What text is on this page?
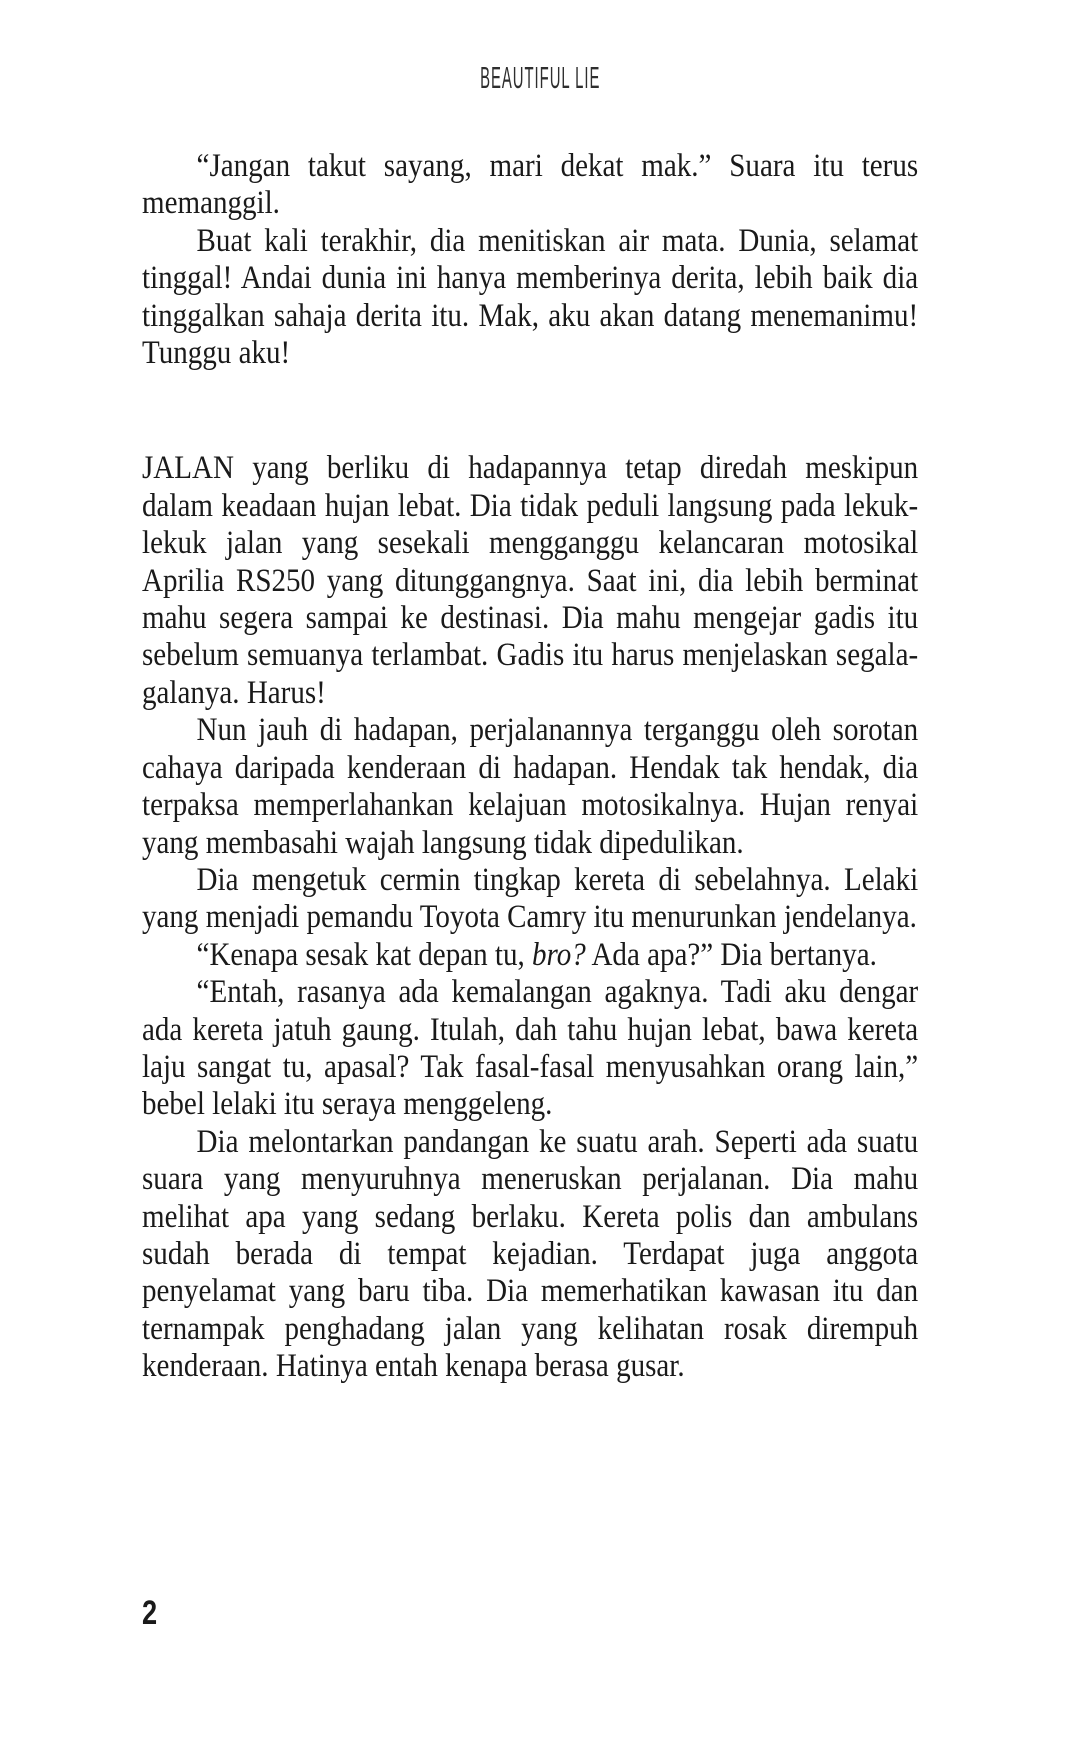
BEAUTIFUL LIE

“Jangan takut sayang, mari dekat mak.” Suara itu terus memanggil.

Buat kali terakhir, dia menitiskan air mata. Dunia, selamat tinggal! Andai dunia ini hanya memberinya derita, lebih baik dia tinggalkan sahaja derita itu. Mak, aku akan datang menemanimu! Tunggu aku!

JALAN yang berliku di hadapannya tetap diredah meskipun dalam keadaan hujan lebat. Dia tidak peduli langsung pada lekuk-lekuk jalan yang sesekali mengganggu kelancaran motosikal Aprilia RS250 yang ditunggangnya. Saat ini, dia lebih berminat mahu segera sampai ke destinasi. Dia mahu mengejar gadis itu sebelum semuanya terlambat. Gadis itu harus menjelaskan segala-galanya. Harus!

Nun jauh di hadapan, perjalanannya terganggu oleh sorotan cahaya daripada kenderaan di hadapan. Hendak tak hendak, dia terpaksa memperlahankan kelajuan motosikalnya. Hujan renyai yang membasahi wajah langsung tidak dipedulikan.

Dia mengetuk cermin tingkap kereta di sebelahnya. Lelaki yang menjadi pemandu Toyota Camry itu menurunkan jendelanya.

“Kenapa sesak kat depan tu, bro? Ada apa?” Dia bertanya.

“Entah, rasanya ada kemalangan agaknya. Tadi aku dengar ada kereta jatuh gaung. Itulah, dah tahu hujan lebat, bawa kereta laju sangat tu, apasal? Tak fasal-fasal menyusahkan orang lain,” bebel lelaki itu seraya menggeleng.

Dia melontarkan pandangan ke suatu arah. Seperti ada suatu suara yang menyuruhnya meneruskan perjalanan. Dia mahu melihat apa yang sedang berlaku. Kereta polis dan ambulans sudah berada di tempat kejadian. Terdapat juga anggota penyelamat yang baru tiba. Dia memerhatikan kawasan itu dan ternampak penghadang jalan yang kelihatan rosak dirempuh kenderaan. Hatinya entah kenapa berasa gusar.

2
